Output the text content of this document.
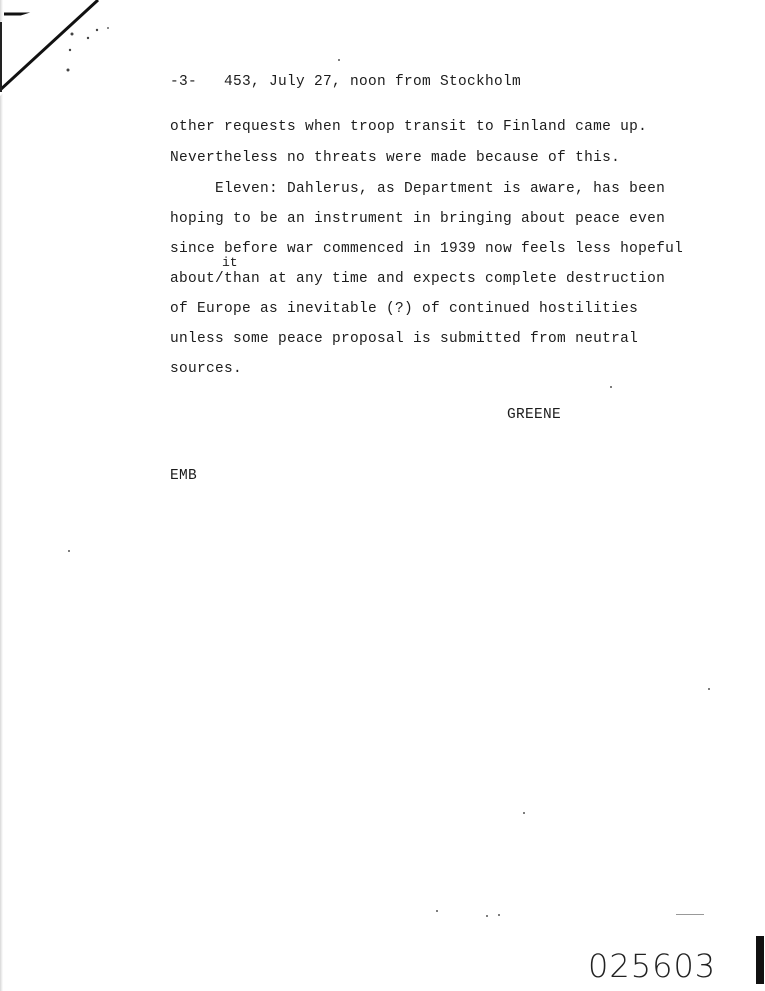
-3-   453, July 27, noon from Stockholm
other requests when troop transit to Finland came up.
Nevertheless no threats were made because of this.
Eleven: Dahlerus, as Department is aware, has been
hoping to be an instrument in bringing about peace even
since before war commenced in 1939 now feels less hopeful
it
about/than at any time and expects complete destruction
of Europe as inevitable (?) of continued hostilities
unless some peace proposal is submitted from neutral
sources.
GREENE
EMB
025603
